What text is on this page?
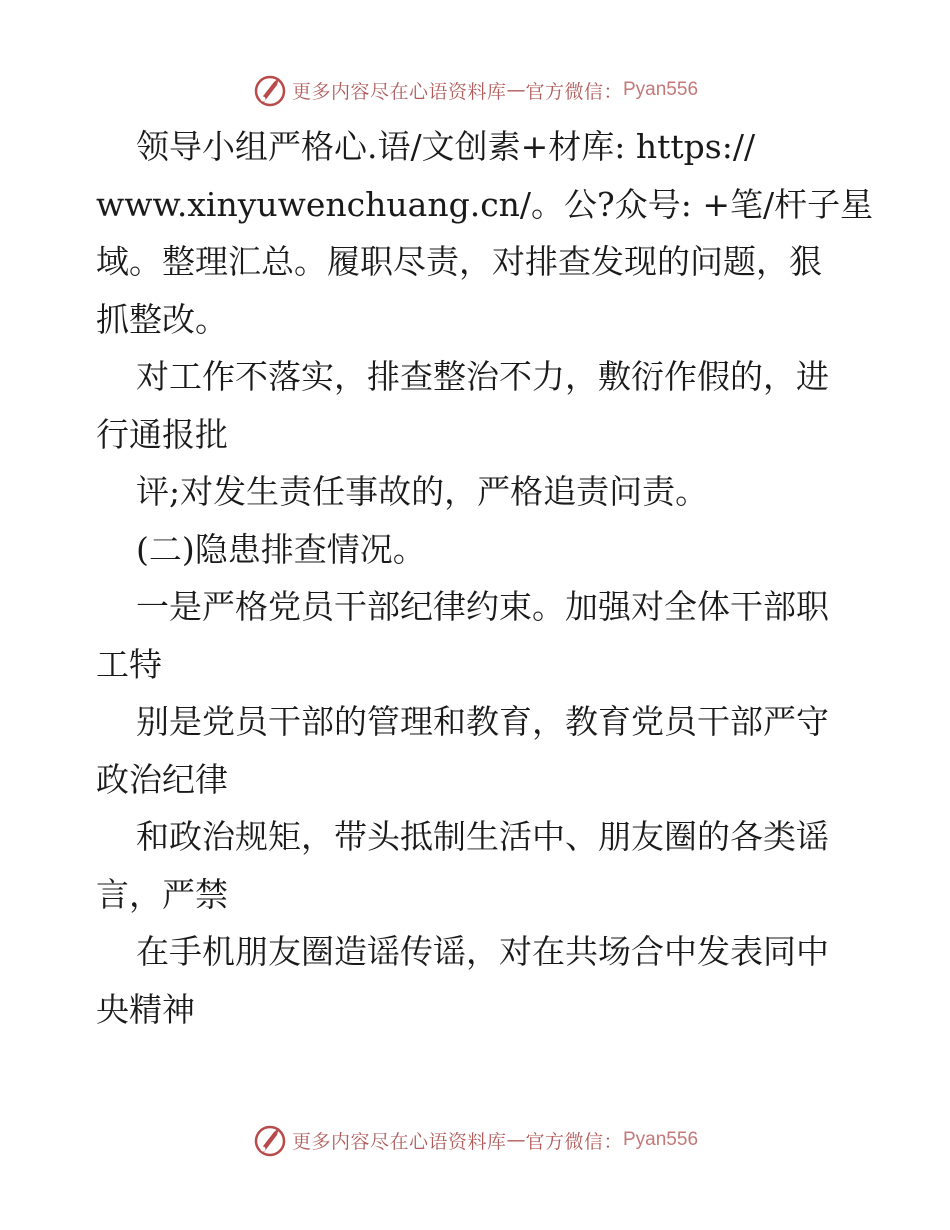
更多内容尽在心语资料库 — 官方微信： Pyan556
领导小组严格心.语/文创素+材库: https://
www.xinyuwenchuang.cn/。公?众号: +笔/杆子星
域。整理汇总。履职尽责，对排查发现的问题，狠
抓整改。
对工作不落实，排查整治不力，敷衍作假的，进
行通报批
评;对发生责任事故的，严格追责问责。
(二)隐患排查情况。
一是严格党员干部纪律约束。加强对全体干部职
工特
别是党员干部的管理和教育，教育党员干部严守
政治纪律
和政治规矩，带头抵制生活中、朋友圈的各类谣
言，严禁
在手机朋友圈造谣传谣，对在共场合中发表同中
央精神
更多内容尽在心语资料库 — 官方微信： Pyan556
